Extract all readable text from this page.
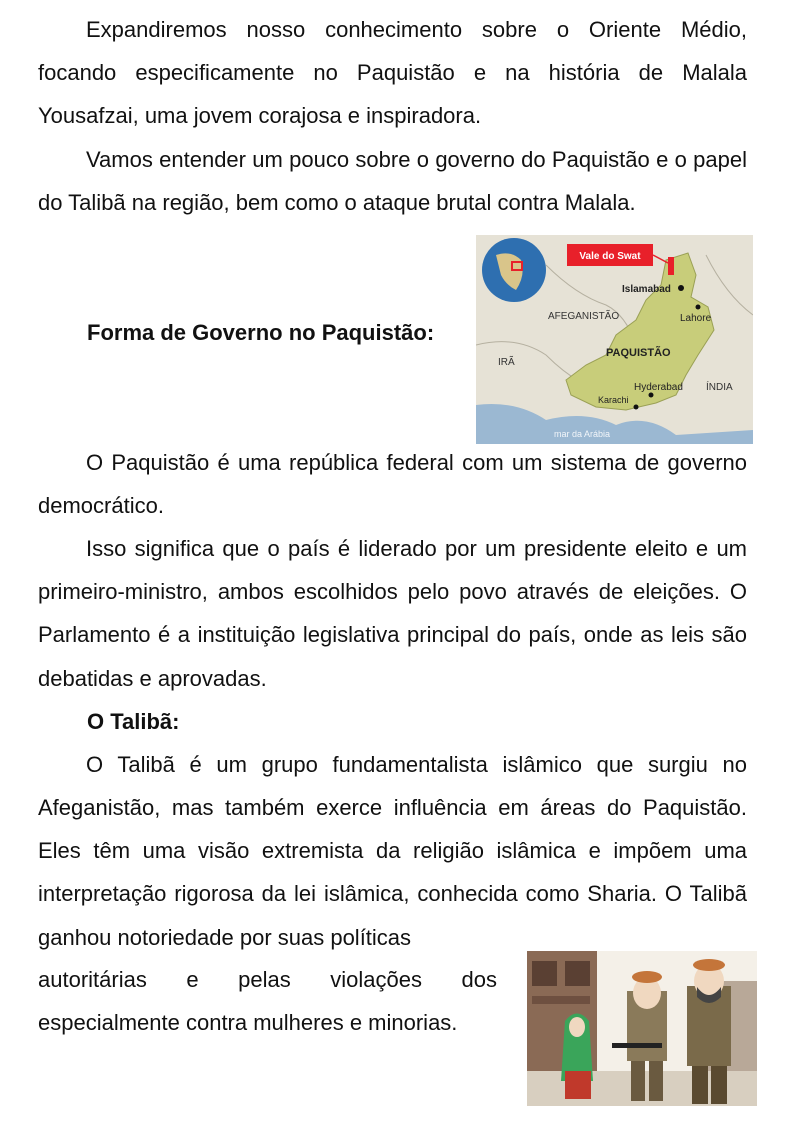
Expandiremos nosso conhecimento sobre o Oriente Médio, focando especificamente no Paquistão e na história de Malala Yousafzai, uma jovem corajosa e inspiradora.

Vamos entender um pouco sobre o governo do Paquistão e o papel do Talibã na região, bem como o ataque brutal contra Malala.

Forma de Governo no Paquistão:

Vale do Swat
Islamabad
Lahore
AFEGANISTÃO
PAQUISTÃO
IRÃ
Hyderabad ÍNDIA
Karachi
mar da Arábia

O Paquistão é uma república federal com um sistema de governo democrático.

Isso significa que o país é liderado por um presidente eleito e um primeiro-ministro, ambos escolhidos pelo povo através de eleições. O Parlamento é a instituição legislativa principal do país, onde as leis são debatidas e aprovadas.

O Talibã:

O Talibã é um grupo fundamentalista islâmico que surgiu no

Afeganistão, mas também exerce influência em áreas do Paquistão. Eles têm uma visão extremista da religião islâmica e impõem uma interpretação rigorosa da lei islâmica, conhecida como Sharia. O Talibã ganhou notoriedade por suas políticas

autoritárias e pelas violações dos

especialmente contra mulheres e minorias.
